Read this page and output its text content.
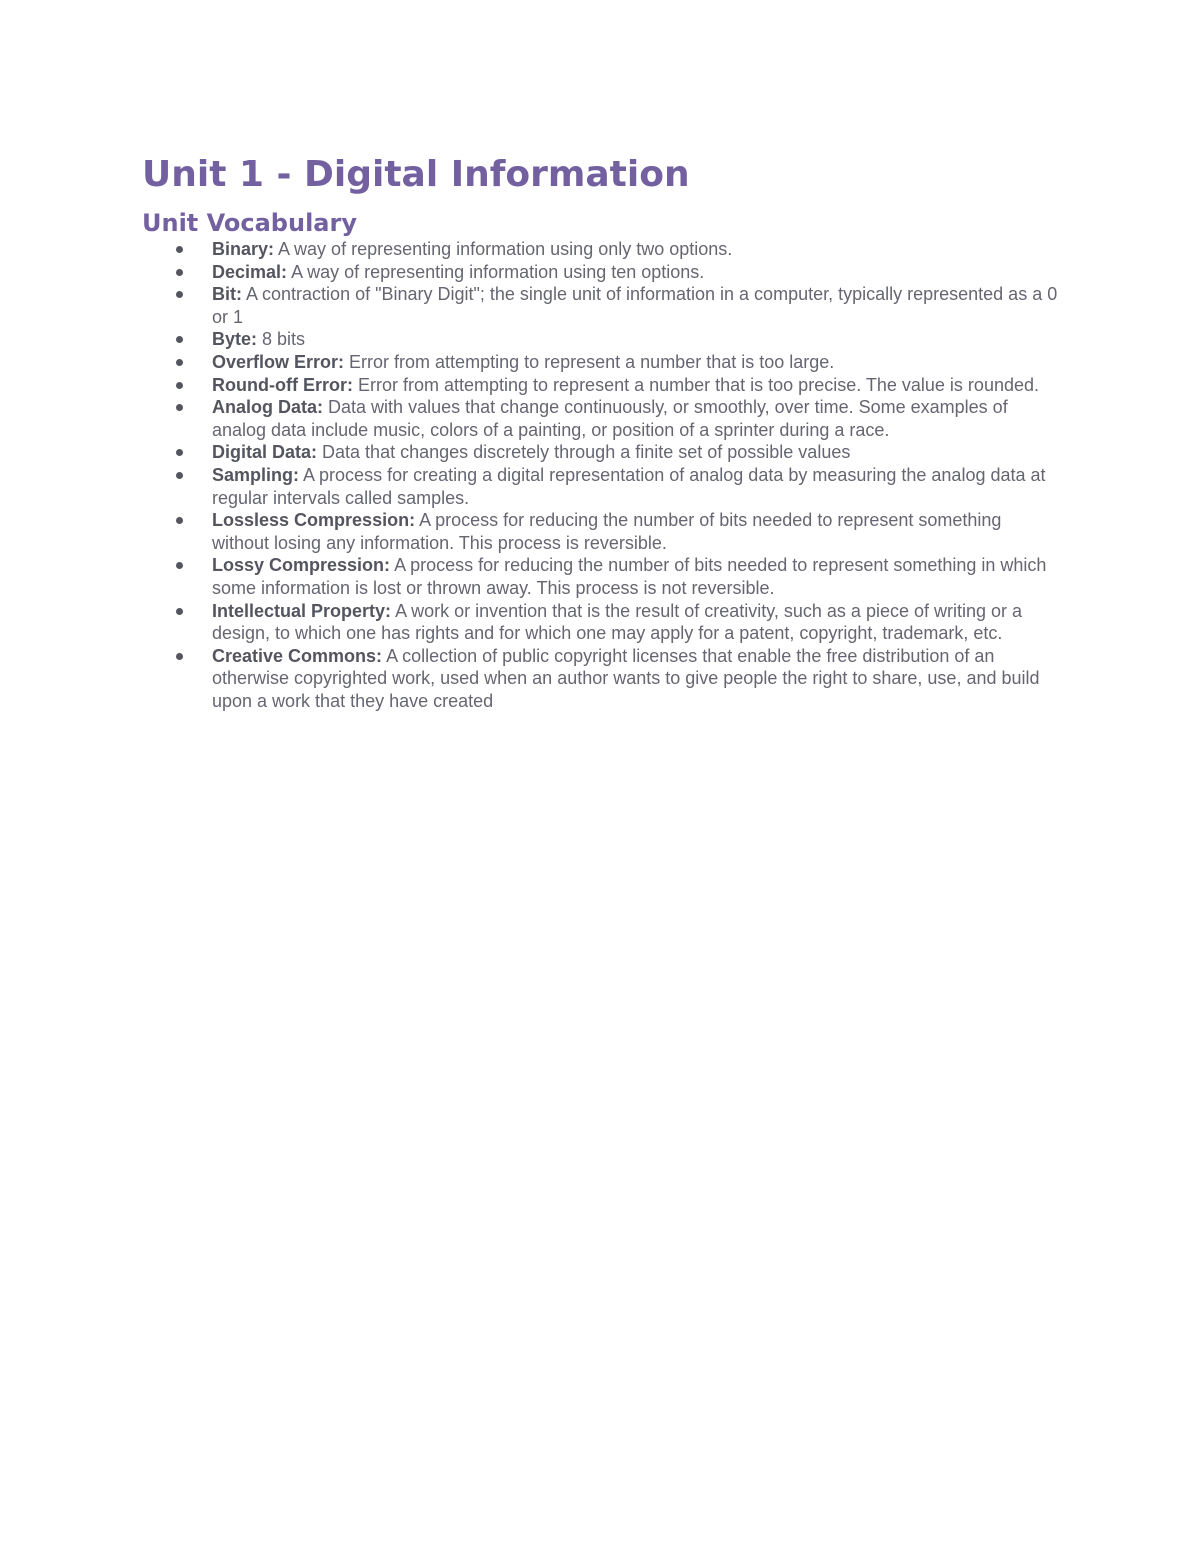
Unit 1 - Digital Information
Unit Vocabulary
Binary: A way of representing information using only two options.
Decimal: A way of representing information using ten options.
Bit: A contraction of "Binary Digit"; the single unit of information in a computer, typically represented as a 0 or 1
Byte: 8 bits
Overflow Error: Error from attempting to represent a number that is too large.
Round-off Error: Error from attempting to represent a number that is too precise. The value is rounded.
Analog Data: Data with values that change continuously, or smoothly, over time. Some examples of analog data include music, colors of a painting, or position of a sprinter during a race.
Digital Data: Data that changes discretely through a finite set of possible values
Sampling: A process for creating a digital representation of analog data by measuring the analog data at regular intervals called samples.
Lossless Compression: A process for reducing the number of bits needed to represent something without losing any information. This process is reversible.
Lossy Compression: A process for reducing the number of bits needed to represent something in which some information is lost or thrown away. This process is not reversible.
Intellectual Property: A work or invention that is the result of creativity, such as a piece of writing or a design, to which one has rights and for which one may apply for a patent, copyright, trademark, etc.
Creative Commons: A collection of public copyright licenses that enable the free distribution of an otherwise copyrighted work, used when an author wants to give people the right to share, use, and build upon a work that they have created
